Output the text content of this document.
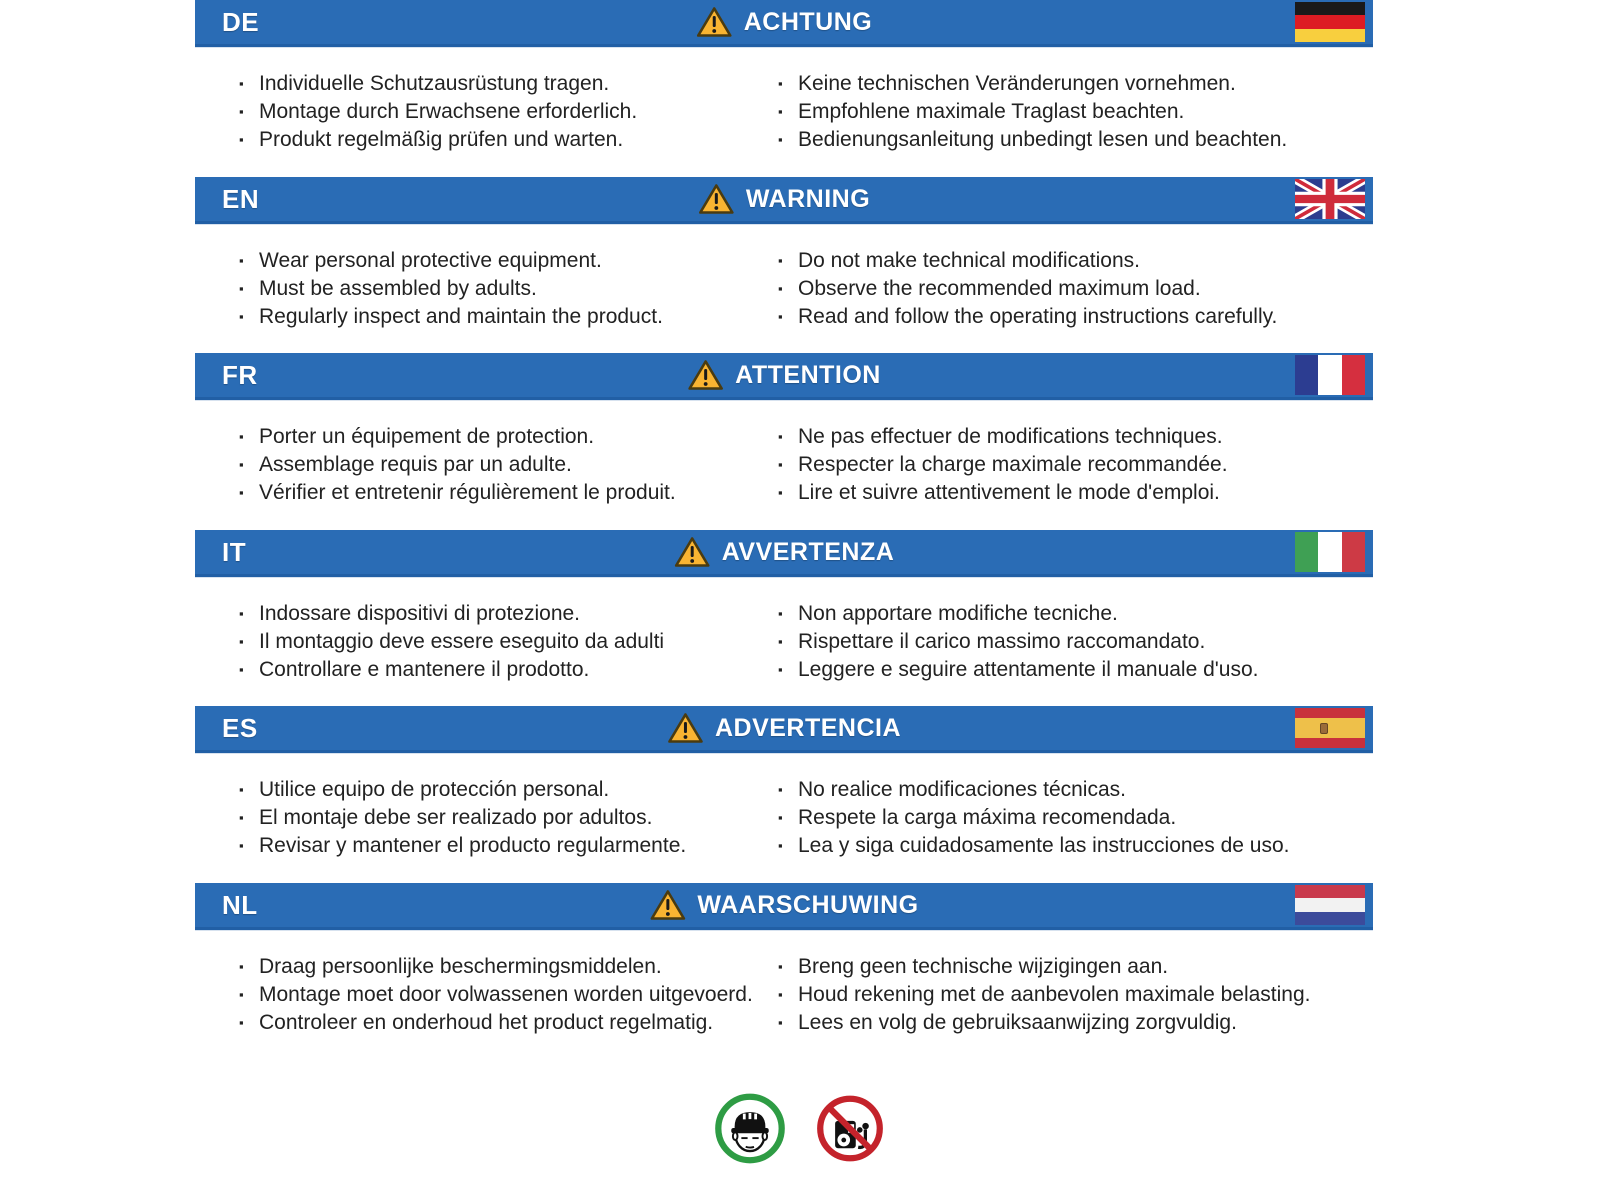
DE	ACHTUNG
▪ Individuelle Schutzausrüstung tragen.
▪ Montage durch Erwachsene erforderlich.
▪ Produkt regelmäßig prüfen und warten.
▪ Keine technischen Veränderungen vornehmen.
▪ Empfohlene maximale Traglast beachten.
▪ Bedienungsanleitung unbedingt lesen und beachten.
EN	WARNING
▪ Wear personal protective equipment.
▪ Must be assembled by adults.
▪ Regularly inspect and maintain the product.
▪ Do not make technical modifications.
▪ Observe the recommended maximum load.
▪ Read and follow the operating instructions carefully.
FR	ATTENTION
▪ Porter un équipement de protection.
▪ Assemblage requis par un adulte.
▪ Vérifier et entretenir régulièrement le produit.
▪ Ne pas effectuer de modifications techniques.
▪ Respecter la charge maximale recommandée.
▪ Lire et suivre attentivement le mode d'emploi.
IT	AVVERTENZA
▪ Indossare dispositivi di protezione.
▪ Il montaggio deve essere eseguito da adulti
▪ Controllare e mantenere il prodotto.
▪ Non apportare modifiche tecniche.
▪ Rispettare il carico massimo raccomandato.
▪ Leggere e seguire attentamente il manuale d'uso.
ES	ADVERTENCIA
▪ Utilice equipo de protección personal.
▪ El montaje debe ser realizado por adultos.
▪ Revisar y mantener el producto regularmente.
▪ No realice modificaciones técnicas.
▪ Respete la carga máxima recomendada.
▪ Lea y siga cuidadosamente las instrucciones de uso.
NL	WAARSCHUWING
▪ Draag persoonlijke beschermingsmiddelen.
▪ Montage moet door volwassenen worden uitgevoerd.
▪ Controleer en onderhoud het product regelmatig.
▪ Breng geen technische wijzigingen aan.
▪ Houd rekening met de aanbevolen maximale belasting.
▪ Lees en volg de gebruiksaanwijzing zorgvuldig.
